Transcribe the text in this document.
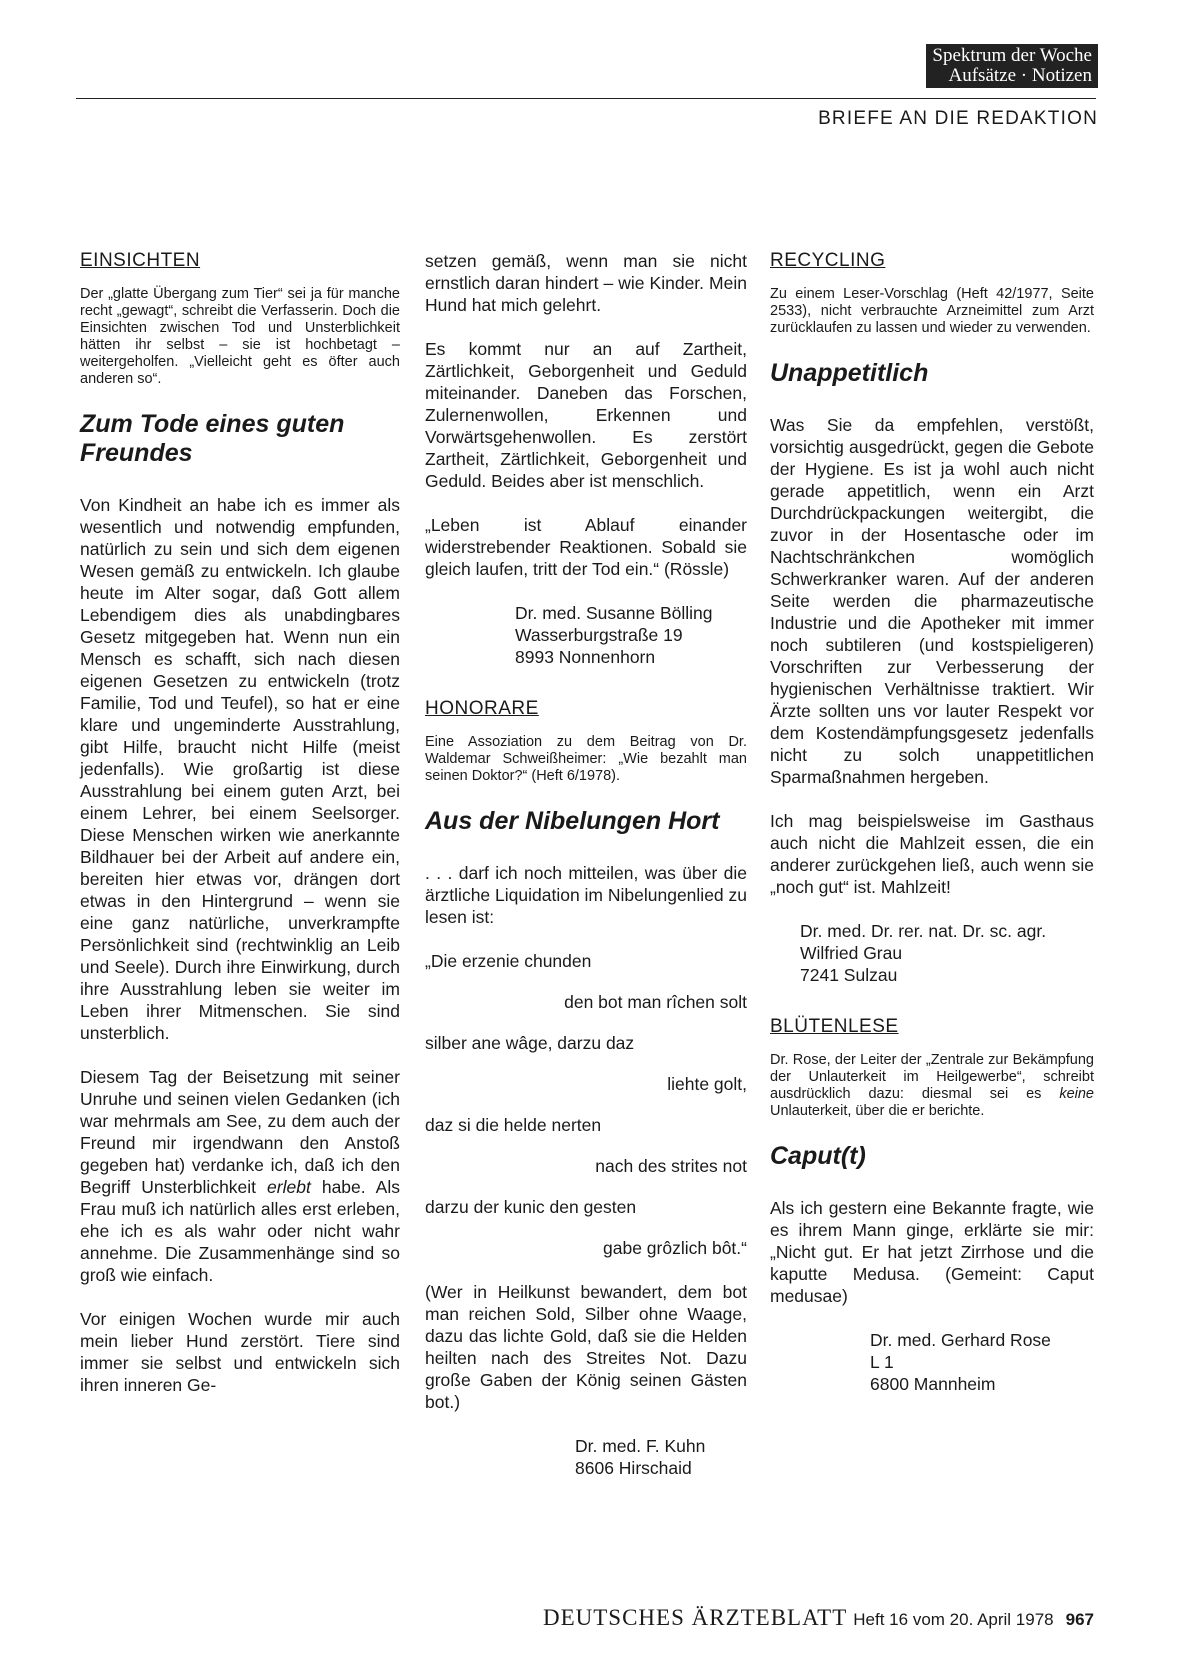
Spektrum der Woche
Aufsätze · Notizen
BRIEFE AN DIE REDAKTION
EINSICHTEN

Der „glatte Übergang zum Tier“ sei ja für manche recht „gewagt“, schreibt die Verfasserin. Doch die Einsichten zwischen Tod und Unsterblichkeit hätten ihr selbst – sie ist hochbetagt – weitergeholfen. „Vielleicht geht es öfter auch anderen so“.

Zum Tode eines guten Freundes

Von Kindheit an habe ich es immer als wesentlich und notwendig empfunden, natürlich zu sein und sich dem eigenen Wesen gemäß zu entwickeln. Ich glaube heute im Alter sogar, daß Gott allem Lebendigem dies als unabdingbares Gesetz mitgegeben hat. Wenn nun ein Mensch es schafft, sich nach diesen eigenen Gesetzen zu entwickeln (trotz Familie, Tod und Teufel), so hat er eine klare und ungeminderte Ausstrahlung, gibt Hilfe, braucht nicht Hilfe (meist jedenfalls). Wie großartig ist diese Ausstrahlung bei einem guten Arzt, bei einem Lehrer, bei einem Seelsorger. Diese Menschen wirken wie anerkannte Bildhauer bei der Arbeit auf andere ein, bereiten hier etwas vor, drängen dort etwas in den Hintergrund – wenn sie eine ganz natürliche, unverkrampfte Persönlichkeit sind (rechtwinklig an Leib und Seele). Durch ihre Einwirkung, durch ihre Ausstrahlung leben sie weiter im Leben ihrer Mitmenschen. Sie sind unsterblich.

Diesem Tag der Beisetzung mit seiner Unruhe und seinen vielen Gedanken (ich war mehrmals am See, zu dem auch der Freund mir irgendwann den Anstoß gegeben hat) verdanke ich, daß ich den Begriff Unsterblichkeit erlebt habe. Als Frau muß ich natürlich alles erst erleben, ehe ich es als wahr oder nicht wahr annehme. Die Zusammenhänge sind so groß wie einfach.

Vor einigen Wochen wurde mir auch mein lieber Hund zerstört. Tiere sind immer sie selbst und entwickeln sich ihren inneren Ge-

setzen gemäß, wenn man sie nicht ernstlich daran hindert – wie Kinder. Mein Hund hat mich gelehrt.

Es kommt nur an auf Zartheit, Zärtlichkeit, Geborgenheit und Geduld miteinander. Daneben das Forschen, Zulernenwollen, Erkennen und Vorwärtsgehenwollen. Es zerstört Zartheit, Zärtlichkeit, Geborgenheit und Geduld. Beides aber ist menschlich.

„Leben ist Ablauf einander widerstrebender Reaktionen. Sobald sie gleich laufen, tritt der Tod ein.“ (Rössle)

Dr. med. Susanne Bölling
Wasserburgstraße 19
8993 Nonnenhorn
HONORARE

Eine Assoziation zu dem Beitrag von Dr. Waldemar Schweißheimer: „Wie bezahlt man seinen Doktor?“ (Heft 6/1978).

Aus der Nibelungen Hort

. . . darf ich noch mitteilen, was über die ärztliche Liquidation im Nibelungenlied zu lesen ist:

„Die erzenie chunden
den bot man rîchen solt
silber ane wâge, darzu daz
liehte golt,
daz si die helde nerten
nach des strites not
darzu der kunic den gesten
gabe grôzlich bôt.“

(Wer in Heilkunst bewandert, dem bot man reichen Sold, Silber ohne Waage, dazu das lichte Gold, daß sie die Helden heilten nach des Streites Not. Dazu große Gaben der König seinen Gästen bot.)

Dr. med. F. Kuhn
8606 Hirschaid
RECYCLING

Zu einem Leser-Vorschlag (Heft 42/1977, Seite 2533), nicht verbrauchte Arzneimittel zum Arzt zurücklaufen zu lassen und wieder zu verwenden.

Unappetitlich

Was Sie da empfehlen, verstößt, vorsichtig ausgedrückt, gegen die Gebote der Hygiene. Es ist ja wohl auch nicht gerade appetitlich, wenn ein Arzt Durchdrückpackungen weitergibt, die zuvor in der Hosentasche oder im Nachtschränkchen womöglich Schwerkranker waren. Auf der anderen Seite werden die pharmazeutische Industrie und die Apotheker mit immer noch subtileren (und kostspieligeren) Vorschriften zur Verbesserung der hygienischen Verhältnisse traktiert. Wir Ärzte sollten uns vor lauter Respekt vor dem Kostendämpfungsgesetz jedenfalls nicht zu solch unappetitlichen Sparmaßnahmen hergeben.

Ich mag beispielsweise im Gasthaus auch nicht die Mahlzeit essen, die ein anderer zurückgehen ließ, auch wenn sie „noch gut“ ist. Mahlzeit!

Dr. med. Dr. rer. nat. Dr. sc. agr.
Wilfried Grau
7241 Sulzau
BLÜTENLESE

Dr. Rose, der Leiter der „Zentrale zur Bekämpfung der Unlauterkeit im Heilgewerbe“, schreibt ausdrücklich dazu: diesmal sei es keine Unlauterkeit, über die er berichte.

Caput(t)

Als ich gestern eine Bekannte fragte, wie es ihrem Mann ginge, erklärte sie mir: „Nicht gut. Er hat jetzt Zirrhose und die kaputte Medusa. (Gemeint: Caput medusae)

Dr. med. Gerhard Rose
L 1
6800 Mannheim
DEUTSCHES ÄRZTEBLATT Heft 16 vom 20. April 1978 967
